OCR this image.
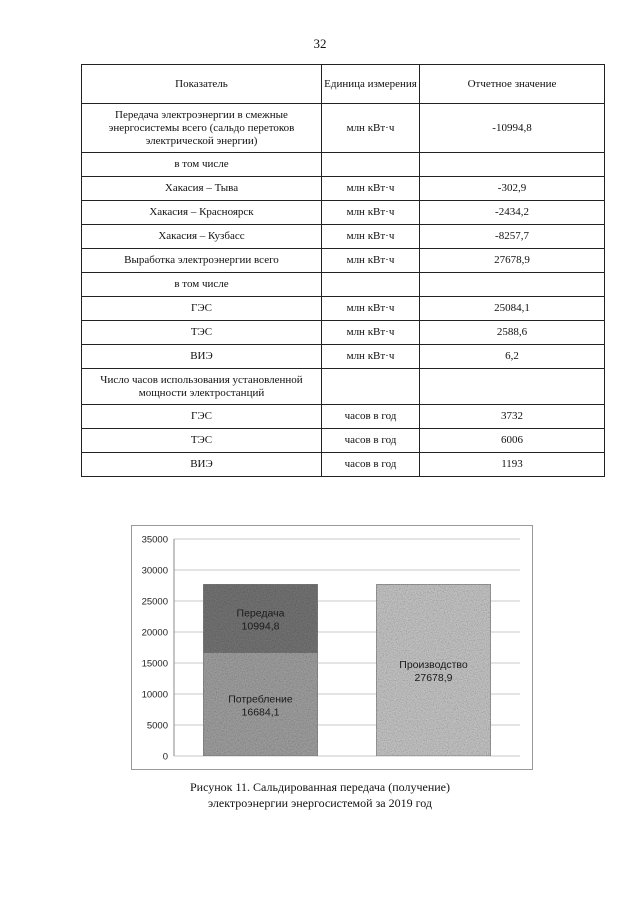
32
Показатель	Единица измерения	Отчетное значение
Передача электроэнергии в смежные энергосистемы всего (сальдо перетоков электрической энергии)	млн кВт·ч	-10994,8
в том числе		
Хакасия – Тыва	млн кВт·ч	-302,9
Хакасия – Красноярск	млн кВт·ч	-2434,2
Хакасия – Кузбасс	млн кВт·ч	-8257,7
Выработка электроэнергии всего	млн кВт·ч	27678,9
в том числе		
ГЭС	млн кВт·ч	25084,1
ТЭС	млн кВт·ч	2588,6
ВИЭ	млн кВт·ч	6,2
Число часов использования установленной мощности электростанций		
ГЭС	часов в год	3732
ТЭС	часов в год	6006
ВИЭ	часов в год	1193
Потребление
16684,1
Передача
10994,8
Производство
27678,9
0
5000
10000
15000
20000
25000
30000
35000
Рисунок 11. Сальдированная передача (получение)
электроэнергии энергосистемой за 2019 год
